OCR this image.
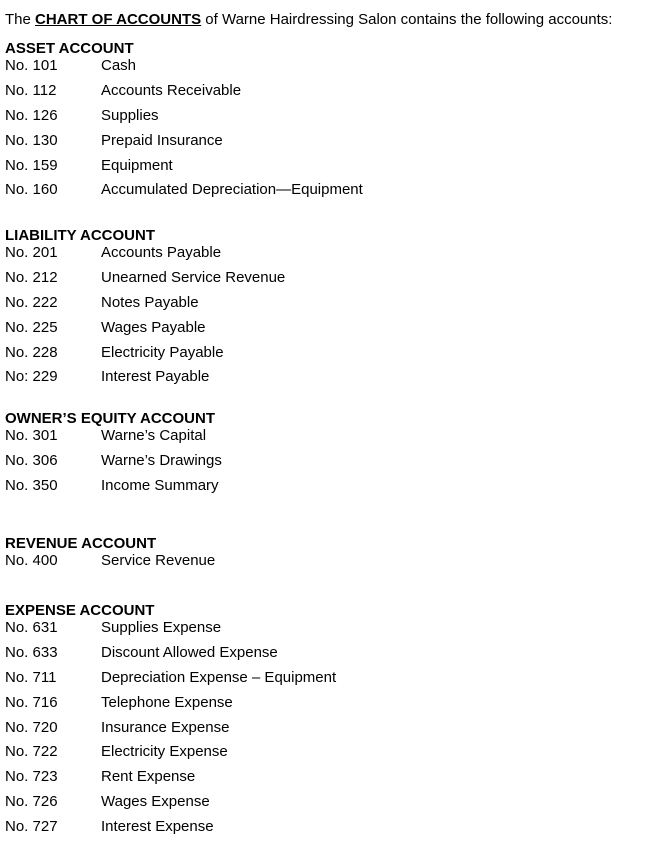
The CHART OF ACCOUNTS of Warne Hairdressing Salon contains the following accounts:
ASSET ACCOUNT
No. 101	Cash
No. 112	Accounts Receivable
No. 126	Supplies
No. 130	Prepaid Insurance
No. 159	Equipment
No. 160	Accumulated Depreciation—Equipment
LIABILITY ACCOUNT
No. 201	Accounts Payable
No. 212	Unearned Service Revenue
No. 222	Notes Payable
No. 225	Wages Payable
No. 228	Electricity Payable
No: 229	Interest Payable
OWNER’S EQUITY ACCOUNT
No. 301	Warne’s Capital
No. 306	Warne’s Drawings
No. 350	Income Summary
REVENUE ACCOUNT
No. 400	Service Revenue
EXPENSE ACCOUNT
No. 631	Supplies Expense
No. 633	Discount Allowed Expense
No. 711	Depreciation Expense – Equipment
No. 716	Telephone Expense
No. 720	Insurance Expense
No. 722	Electricity Expense
No. 723	Rent Expense
No. 726	Wages Expense
No. 727	Interest Expense
